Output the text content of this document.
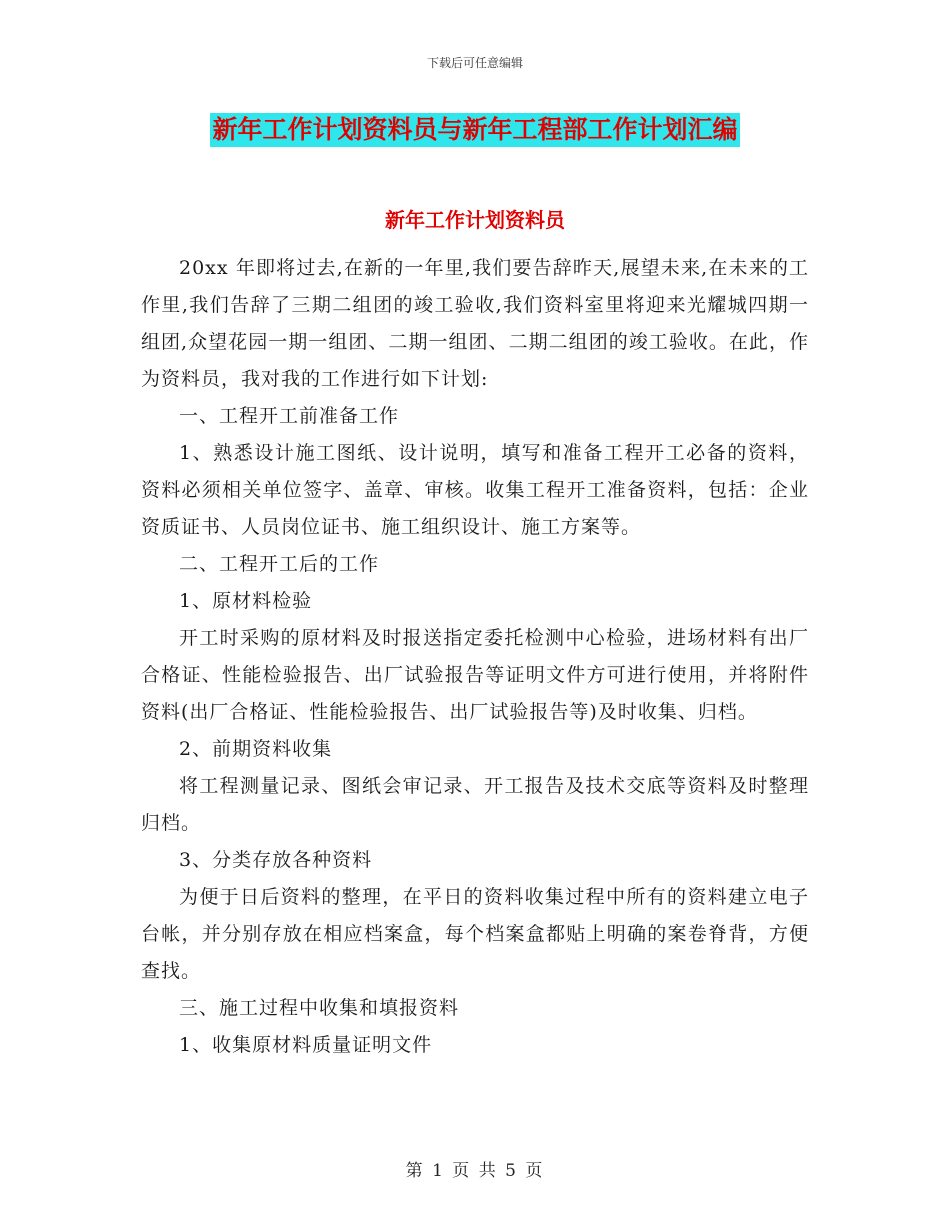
下载后可任意编辑
新年工作计划资料员与新年工程部工作计划汇编
新年工作计划资料员

20xx 年即将过去,在新的一年里,我们要告辞昨天,展望未来,在未来的工作里,我们告辞了三期二组团的竣工验收,我们资料室里将迎来光耀城四期一组团,众望花园一期一组团、二期一组团、二期二组团的竣工验收。在此，作为资料员，我对我的工作进行如下计划:

一、工程开工前准备工作

1、熟悉设计施工图纸、设计说明，填写和准备工程开工必备的资料，资料必须相关单位签字、盖章、审核。收集工程开工准备资料，包括：企业资质证书、人员岗位证书、施工组织设计、施工方案等。

二、工程开工后的工作

1、原材料检验

开工时采购的原材料及时报送指定委托检测中心检验，进场材料有出厂合格证、性能检验报告、出厂试验报告等证明文件方可进行使用，并将附件资料(出厂合格证、性能检验报告、出厂试验报告等)及时收集、归档。

2、前期资料收集

将工程测量记录、图纸会审记录、开工报告及技术交底等资料及时整理归档。

3、分类存放各种资料

为便于日后资料的整理，在平日的资料收集过程中所有的资料建立电子台帐，并分别存放在相应档案盒，每个档案盒都贴上明确的案卷脊背，方便查找。

三、施工过程中收集和填报资料

1、收集原材料质量证明文件

第 1 页 共 5 页
